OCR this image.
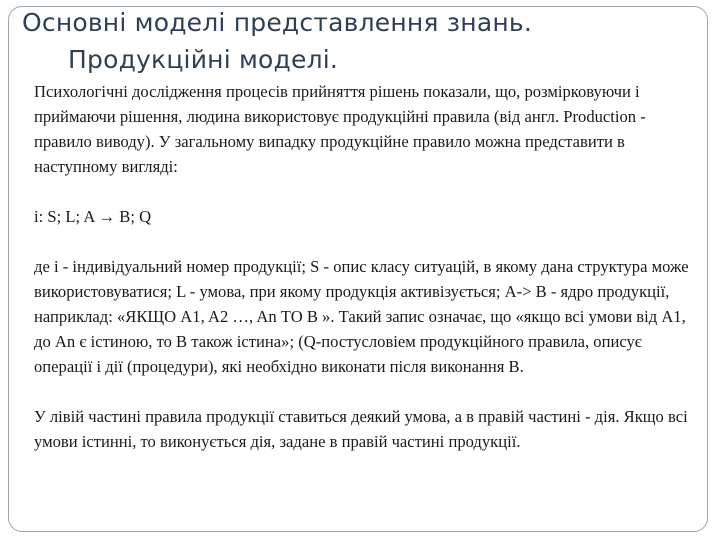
Основні моделі представлення знань.
Продукційні моделі.

Психологічні дослідження процесів прийняття рішень показали, що, розмірковуючи і приймаючи рішення, людина використовує продукційні правила (від англ. Production - правило виводу). У загальному випадку продукційне правило можна представити в наступному вигляді:

i: S; L; A → B; Q

де i - індивідуальний номер продукції; S - опис класу ситуацій, в якому дана структура може використовуватися; L - умова, при якому продукція активізується; A-> B - ядро продукції, наприклад: «ЯКЩО A1, A2 …, An ТО B ». Такий запис означає, що «якщо всі умови від A1, до An є істиною, то B також істина»; (Q-постусловіем продукційного правила, описує операції і дії (процедури), які необхідно виконати після виконання B.

У лівій частині правила продукції ставиться деякий умова, а в правій частині - дія. Якщо всі умови істинні, то виконується дія, задане в правій частині продукції.
